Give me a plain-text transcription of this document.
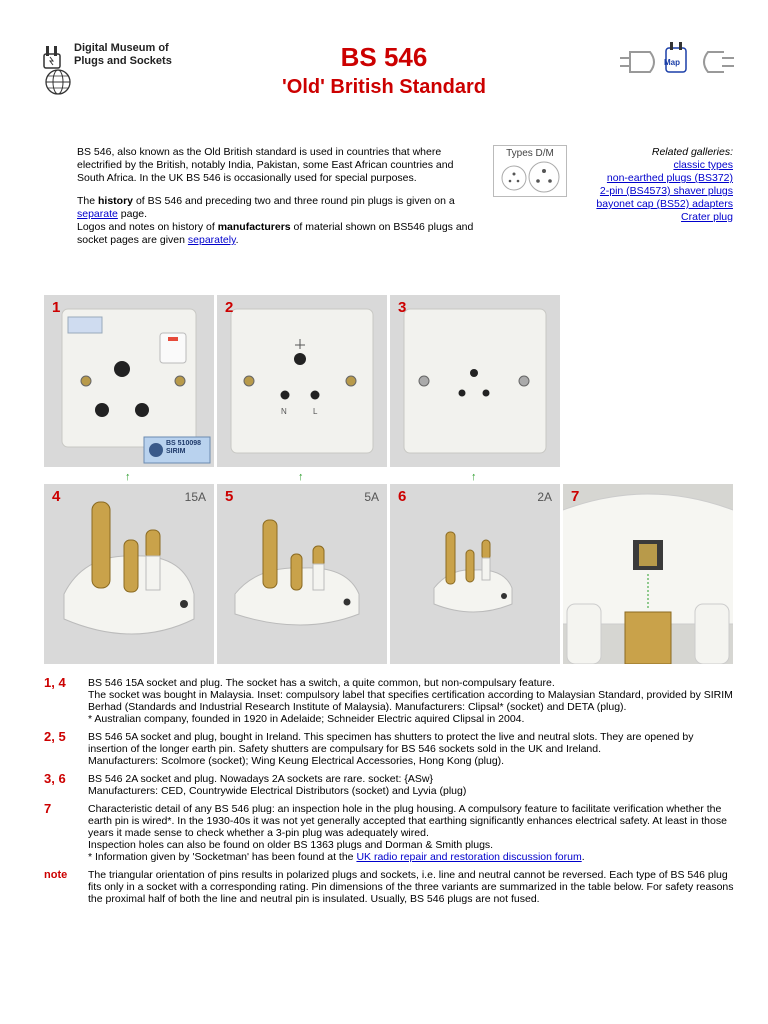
Digital Museum of
Plugs and Sockets	BS 546
'Old' British Standard
Map

BS 546, also known as the Old British standard is used in countries that where electrified by the British, notably India, Pakistan, some East African countries and South Africa. In the UK BS 546 is occasionally used for special purposes.

The history of BS 546 and preceding two and three round pin plugs is given on a separate page.

Logos and notes on history of manufacturers of material shown on BS546 plugs and socket pages are given separately.

Types D/M	Related galleries:
classic types
non-earthed plugs (BS372)
2-pin (BS4573) shaver plugs
bayonet cap (BS52) adapters
Crater plug
1
BS 510098 SIRIM
2
N	L
3
↑	↑	↑
4	15A 5	5A 6	2A 7
1, 4	BS 546 15A socket and plug. The socket has a switch, a quite common, but non-compulsary feature.
The socket was bought in Malaysia. Inset: compulsory label that specifies certification according to Malaysian Standard, provided by SIRIM Berhad (Standards and Industrial Research Institute of Malaysia). Manufacturers: Clipsal* (socket) and DETA (plug).
* Australian company, founded in 1920 in Adelaide; Schneider Electric aquired Clipsal in 2004.
2, 5	BS 546 5A socket and plug, bought in Ireland. This specimen has shutters to protect the live and neutral slots. They are opened by insertion of the longer earth pin. Safety shutters are compulsary for BS 546 sockets sold in the UK and Ireland.
Manufacturers: Scolmore (socket); Wing Keung Electrical Accessories, Hong Kong (plug).
3, 6	BS 546 2A socket and plug. Nowadays 2A sockets are rare. socket: {ASw}
Manufacturers: CED, Countrywide Electrical Distributors (socket) and Lyvia (plug)
7	Characteristic detail of any BS 546 plug: an inspection hole in the plug housing. A compulsory feature to facilitate verification whether the earth pin is wired*. In the 1930-40s it was not yet generally accepted that earthing significantly enhances electrical safety. At least in those years it made sense to check whether a 3-pin plug was adequately wired.
Inspection holes can also be found on older BS 1363 plugs and Dorman & Smith plugs.
* Information given by 'Socketman' has been found at the UK radio repair and restoration discussion forum.
note	The triangular orientation of pins results in polarized plugs and sockets, i.e. line and neutral cannot be reversed. Each type of BS 546 plug fits only in a socket with a corresponding rating. Pin dimensions of the three variants are summarized in the table below. For safety reasons the proximal half of both the line and neutral pin is insulated. Usually, BS 546 plugs are not fused.
